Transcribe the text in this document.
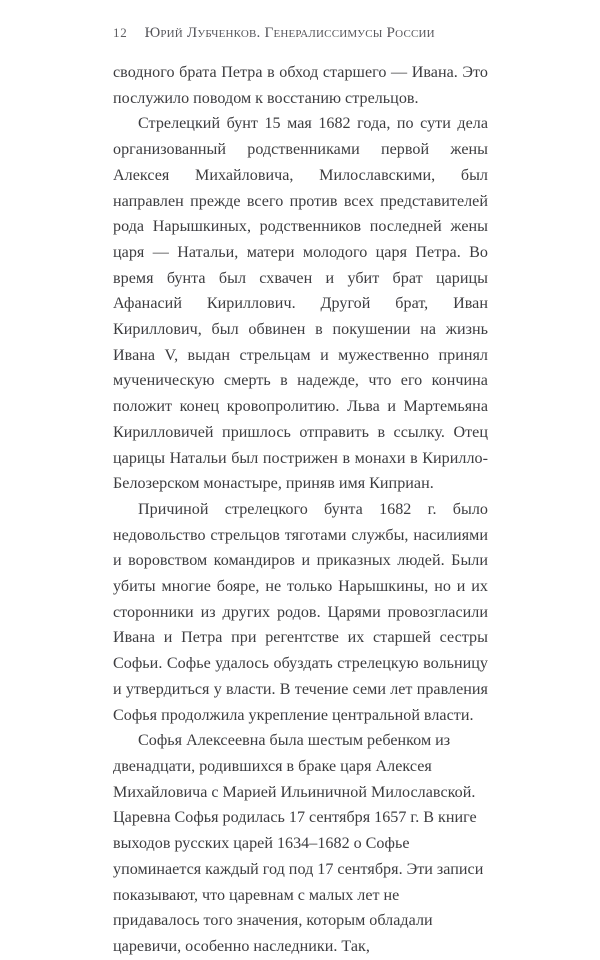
12 Юрий Лубченков. Генералиссимусы России

сводного брата Петра в обход старшего — Ивана. Это послужило поводом к восстанию стрельцов.

Стрелецкий бунт 15 мая 1682 года, по сути дела организованный родственниками первой жены Алексея Михайловича, Милославскими, был направлен прежде всего против всех представителей рода Нарышкиных, родственников последней жены царя — Натальи, матери молодого царя Петра. Во время бунта был схвачен и убит брат царицы Афанасий Кириллович. Другой брат, Иван Кириллович, был обвинен в покушении на жизнь Ивана V, выдан стрельцам и мужественно принял мученическую смерть в надежде, что его кончина положит конец кровопролитию. Льва и Мартемьяна Кирилловичей пришлось отправить в ссылку. Отец царицы Натальи был пострижен в монахи в Кирилло-Белозерском монастыре, приняв имя Киприан.

Причиной стрелецкого бунта 1682 г. было недовольство стрельцов тяготами службы, насилиями и воровством командиров и приказных людей. Были убиты многие бояре, не только Нарышкины, но и их сторонники из других родов. Царями провозгласили Ивана и Петра при регентстве их старшей сестры Софьи. Софье удалось обуздать стрелецкую вольницу и утвердиться у власти. В течение семи лет правления Софья продолжила укрепление центральной власти.

Софья Алексеевна была шестым ребенком из двенадцати, родившихся в браке царя Алексея Михайловича с Марией Ильиничной Милославской. Царевна Софья родилась 17 сентября 1657 г. В книге выходов русских царей 1634–1682 о Софье упоминается каждый год под 17 сентября. Эти записи показывают, что царевнам с малых лет не придавалось того значения, которым обладали царевичи, особенно наследники. Так,
